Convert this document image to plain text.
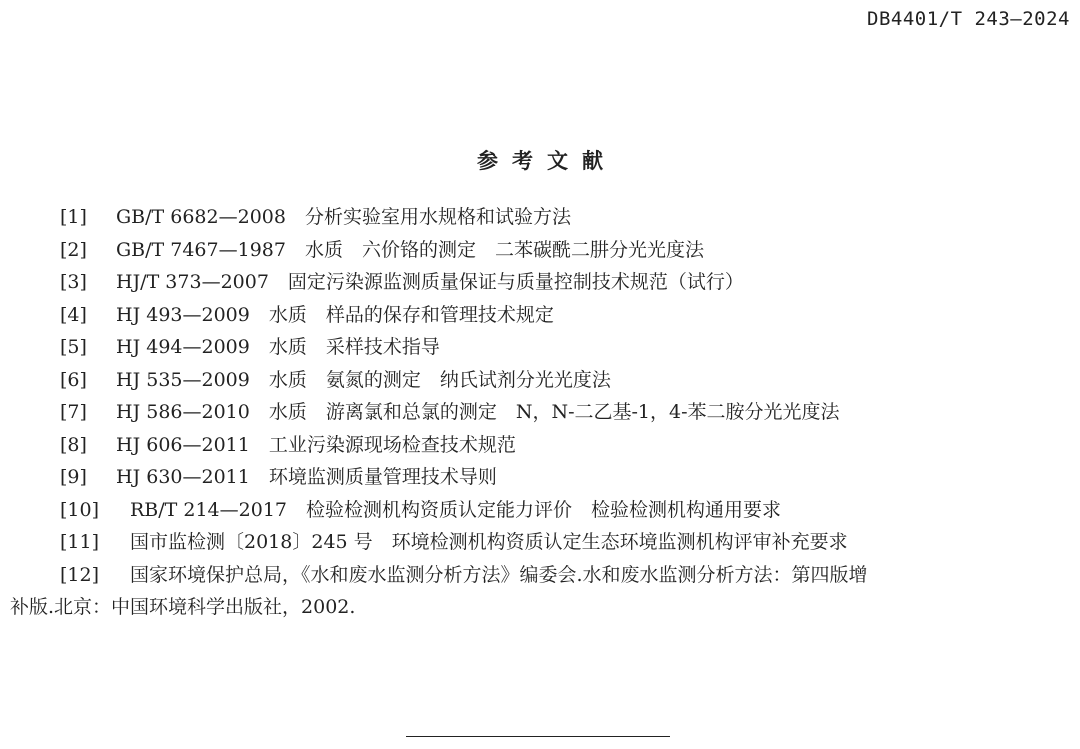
DB4401/T 243—2024
参考文献
[1] GB/T 6682—2008　分析实验室用水规格和试验方法
[2] GB/T 7467—1987　水质　六价铬的测定　二苯碳酰二肼分光光度法
[3] HJ/T 373—2007　固定污染源监测质量保证与质量控制技术规范（试行）
[4] HJ 493—2009　水质　样品的保存和管理技术规定
[5] HJ 494—2009　水质　采样技术指导
[6] HJ 535—2009　水质　氨氮的测定　纳氏试剂分光光度法
[7] HJ 586—2010　水质　游离氯和总氯的测定　N，N-二乙基-1，4-苯二胺分光光度法
[8] HJ 606—2011　工业污染源现场检查技术规范
[9] HJ 630—2011　环境监测质量管理技术导则
[10] RB/T 214—2017　检验检测机构资质认定能力评价　检验检测机构通用要求
[11] 国市监检测〔2018〕245 号　环境检测机构资质认定生态环境监测机构评审补充要求
[12] 国家环境保护总局，《水和废水监测分析方法》编委会.水和废水监测分析方法：第四版增
补版.北京：中国环境科学出版社，2002.
